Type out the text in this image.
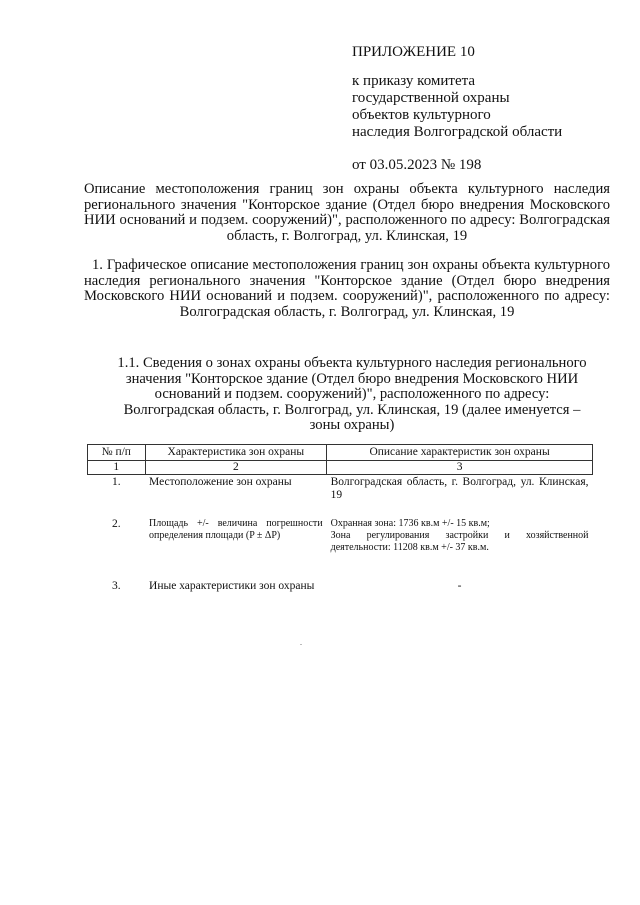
ПРИЛОЖЕНИЕ 10
к приказу комитета
государственной охраны
объектов культурного
наследия Волгоградской области
от 03.05.2023 № 198
Описание местоположения границ зон охраны объекта культурного наследия регионального значения "Конторское здание (Отдел бюро внедрения Московского НИИ оснований и подзем. сооружений)", расположенного по адресу: Волгоградская область, г. Волгоград, ул. Клинская, 19
1. Графическое описание местоположения границ зон охраны объекта культурного наследия регионального значения "Конторское здание (Отдел бюро внедрения Московского НИИ оснований и подзем. сооружений)", расположенного по адресу: Волгоградская область, г. Волгоград, ул. Клинская, 19
1.1. Сведения о зонах охраны объекта культурного наследия регионального значения "Конторское здание (Отдел бюро внедрения Московского НИИ оснований и подзем. сооружений)", расположенного по адресу: Волгоградская область, г. Волгоград, ул. Клинская, 19 (далее именуется – зоны охраны)
№ п/п	Характеристика зон охраны	Описание характеристик зон охраны
1	2	3
1.	Местоположение зон охраны	Волгоградская область, г. Волгоград, ул. Клинская, 19
2.	Площадь +/- величина погрешности определения площади (P ± ΔP)	Охранная зона: 1736 кв.м +/- 15 кв.м;
Зона регулирования застройки и хозяйственной деятельности: 11208 кв.м +/- 37 кв.м.

3.	Иные характеристики зон охраны	-
